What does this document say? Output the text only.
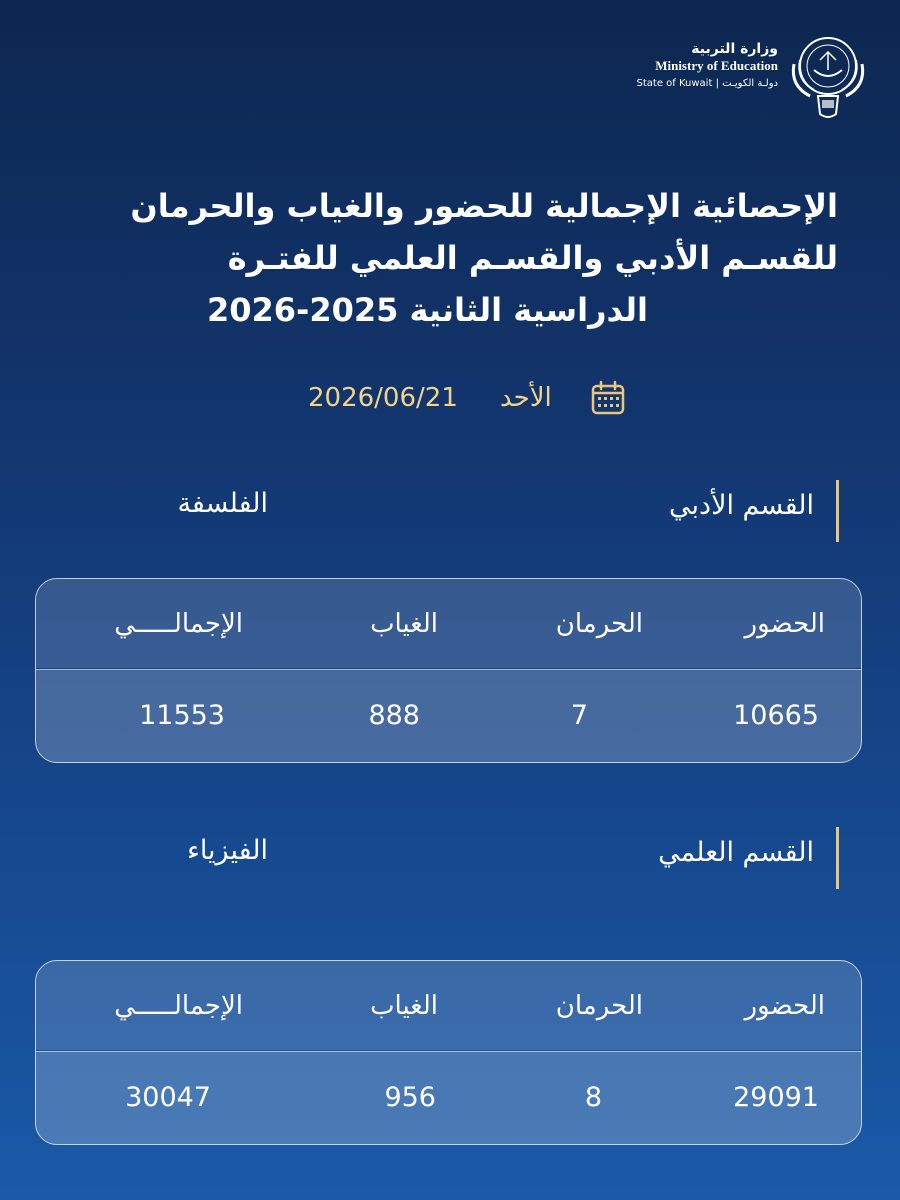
وزارة التربية
Ministry of Education
State of Kuwait | دولـة الكويـت
الإحصائية الإجمالية للحضور والغياب والحرمان
للقسـم الأدبي والقسـم العلمي للفتـرة
الدراسية الثانية 2025-2026
الأحد
2026/06/21
القسم الأدبي
الفلسفة
الحضور
الحرمان
الغياب
الإجمالـــــي
10665
7
888
11553
القسم العلمي
الفيزياء
الحضور
الحرمان
الغياب
الإجمالـــــي
29091
8
956
30047
